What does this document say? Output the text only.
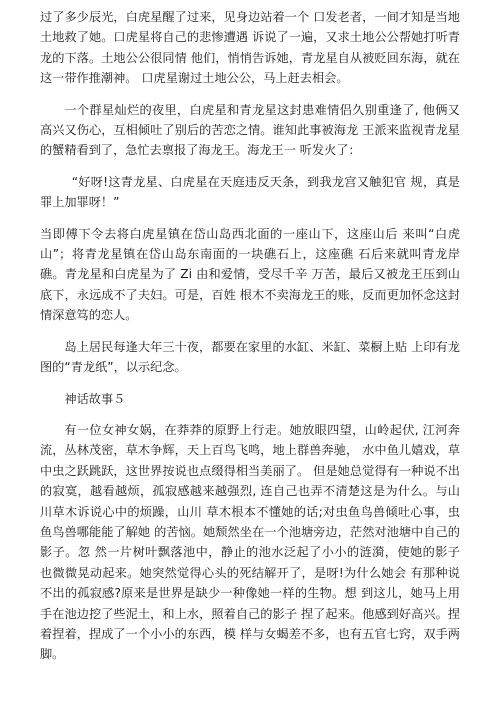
过了多少辰光，白虎星醒了过来，见身边站着一个 口发老者，一间才知是当地土地救了她。口虎星将自己的悲惨遭遇 诉说了一遍，又求土地公公帮她打听青龙的下落。土地公公很同情 他们，悄悄告诉她，青龙星自从被贬回东海，就在这一带作推潮神。 口虎星谢过土地公公，马上赶去相会。

一个群星灿烂的夜里，白虎星和青龙星这封患难情侣久别重逢了, 他俩又高兴又伤心，互相倾吐了别后的苦恋之情。谁知此事被海龙 王派来监视青龙星的蟹精看到了，急忙去禀报了海龙王。海龙王一 听发火了：

“好呀!这青龙星、白虎星在天庭违反天条，到我龙宫又触犯官 规，真是罪上加罪呀！”

当即傅下令去将白虎星镇在岱山岛西北面的一座山下，这座山后 来叫“白虎山”；将青龙星镇在岱山岛东南面的一块礁石上，这座礁 石后来就叫青龙岸礁。青龙星和白虎星为了 Zi 由和爱情，受尽千辛 万苦，最后又被龙王压到山底下，永远成不了夫妇。可是，百姓 根木不卖海龙王的账，反而更加怀念这封情深意笃的恋人。

岛上居民每逢大年三十夜，都要在家里的水缸、米缸、菜橱上贴 上印有龙图的“青龙纸”，以示纪念。

神话故事５

有一位女神女娲，在莽莽的原野上行走。她放眼四望，山岭起伏, 江河奔流，丛林茂密，草木争辉，天上百鸟飞鸣，地上群兽奔驰， 水中鱼儿嬉戏，草中虫之跃跳跃，这世界按说也点缀得相当美丽了。 但是她总觉得有一种说不出的寂寞，越看越烦，孤寂感越来越强烈, 连自己也弄不清楚这是为什么。与山川草木诉说心中的烦躁，山川 草木根本不懂她的话;对虫鱼鸟兽倾吐心事，虫鱼鸟兽哪能能了解她 的苦恼。她颓然坐在一个池塘旁边，茫然对池塘中自己的影子。忽 然一片树叶飘落池中，静止的池水泛起了小小的涟漪，使她的影子 也微微晃动起来。她突然觉得心头的死结解开了，是呀!为什么她会 有那种说不出的孤寂感?原来是世界是缺少一种像她一样的生物。想 到这儿，她马上用手在池边挖了些泥土，和上水，照着自己的影子 捏了起来。他感到好高兴。捏着捏着，捏成了一个小小的东西，模 样与女蝎差不多，也有五官七窍，双手两脚。
